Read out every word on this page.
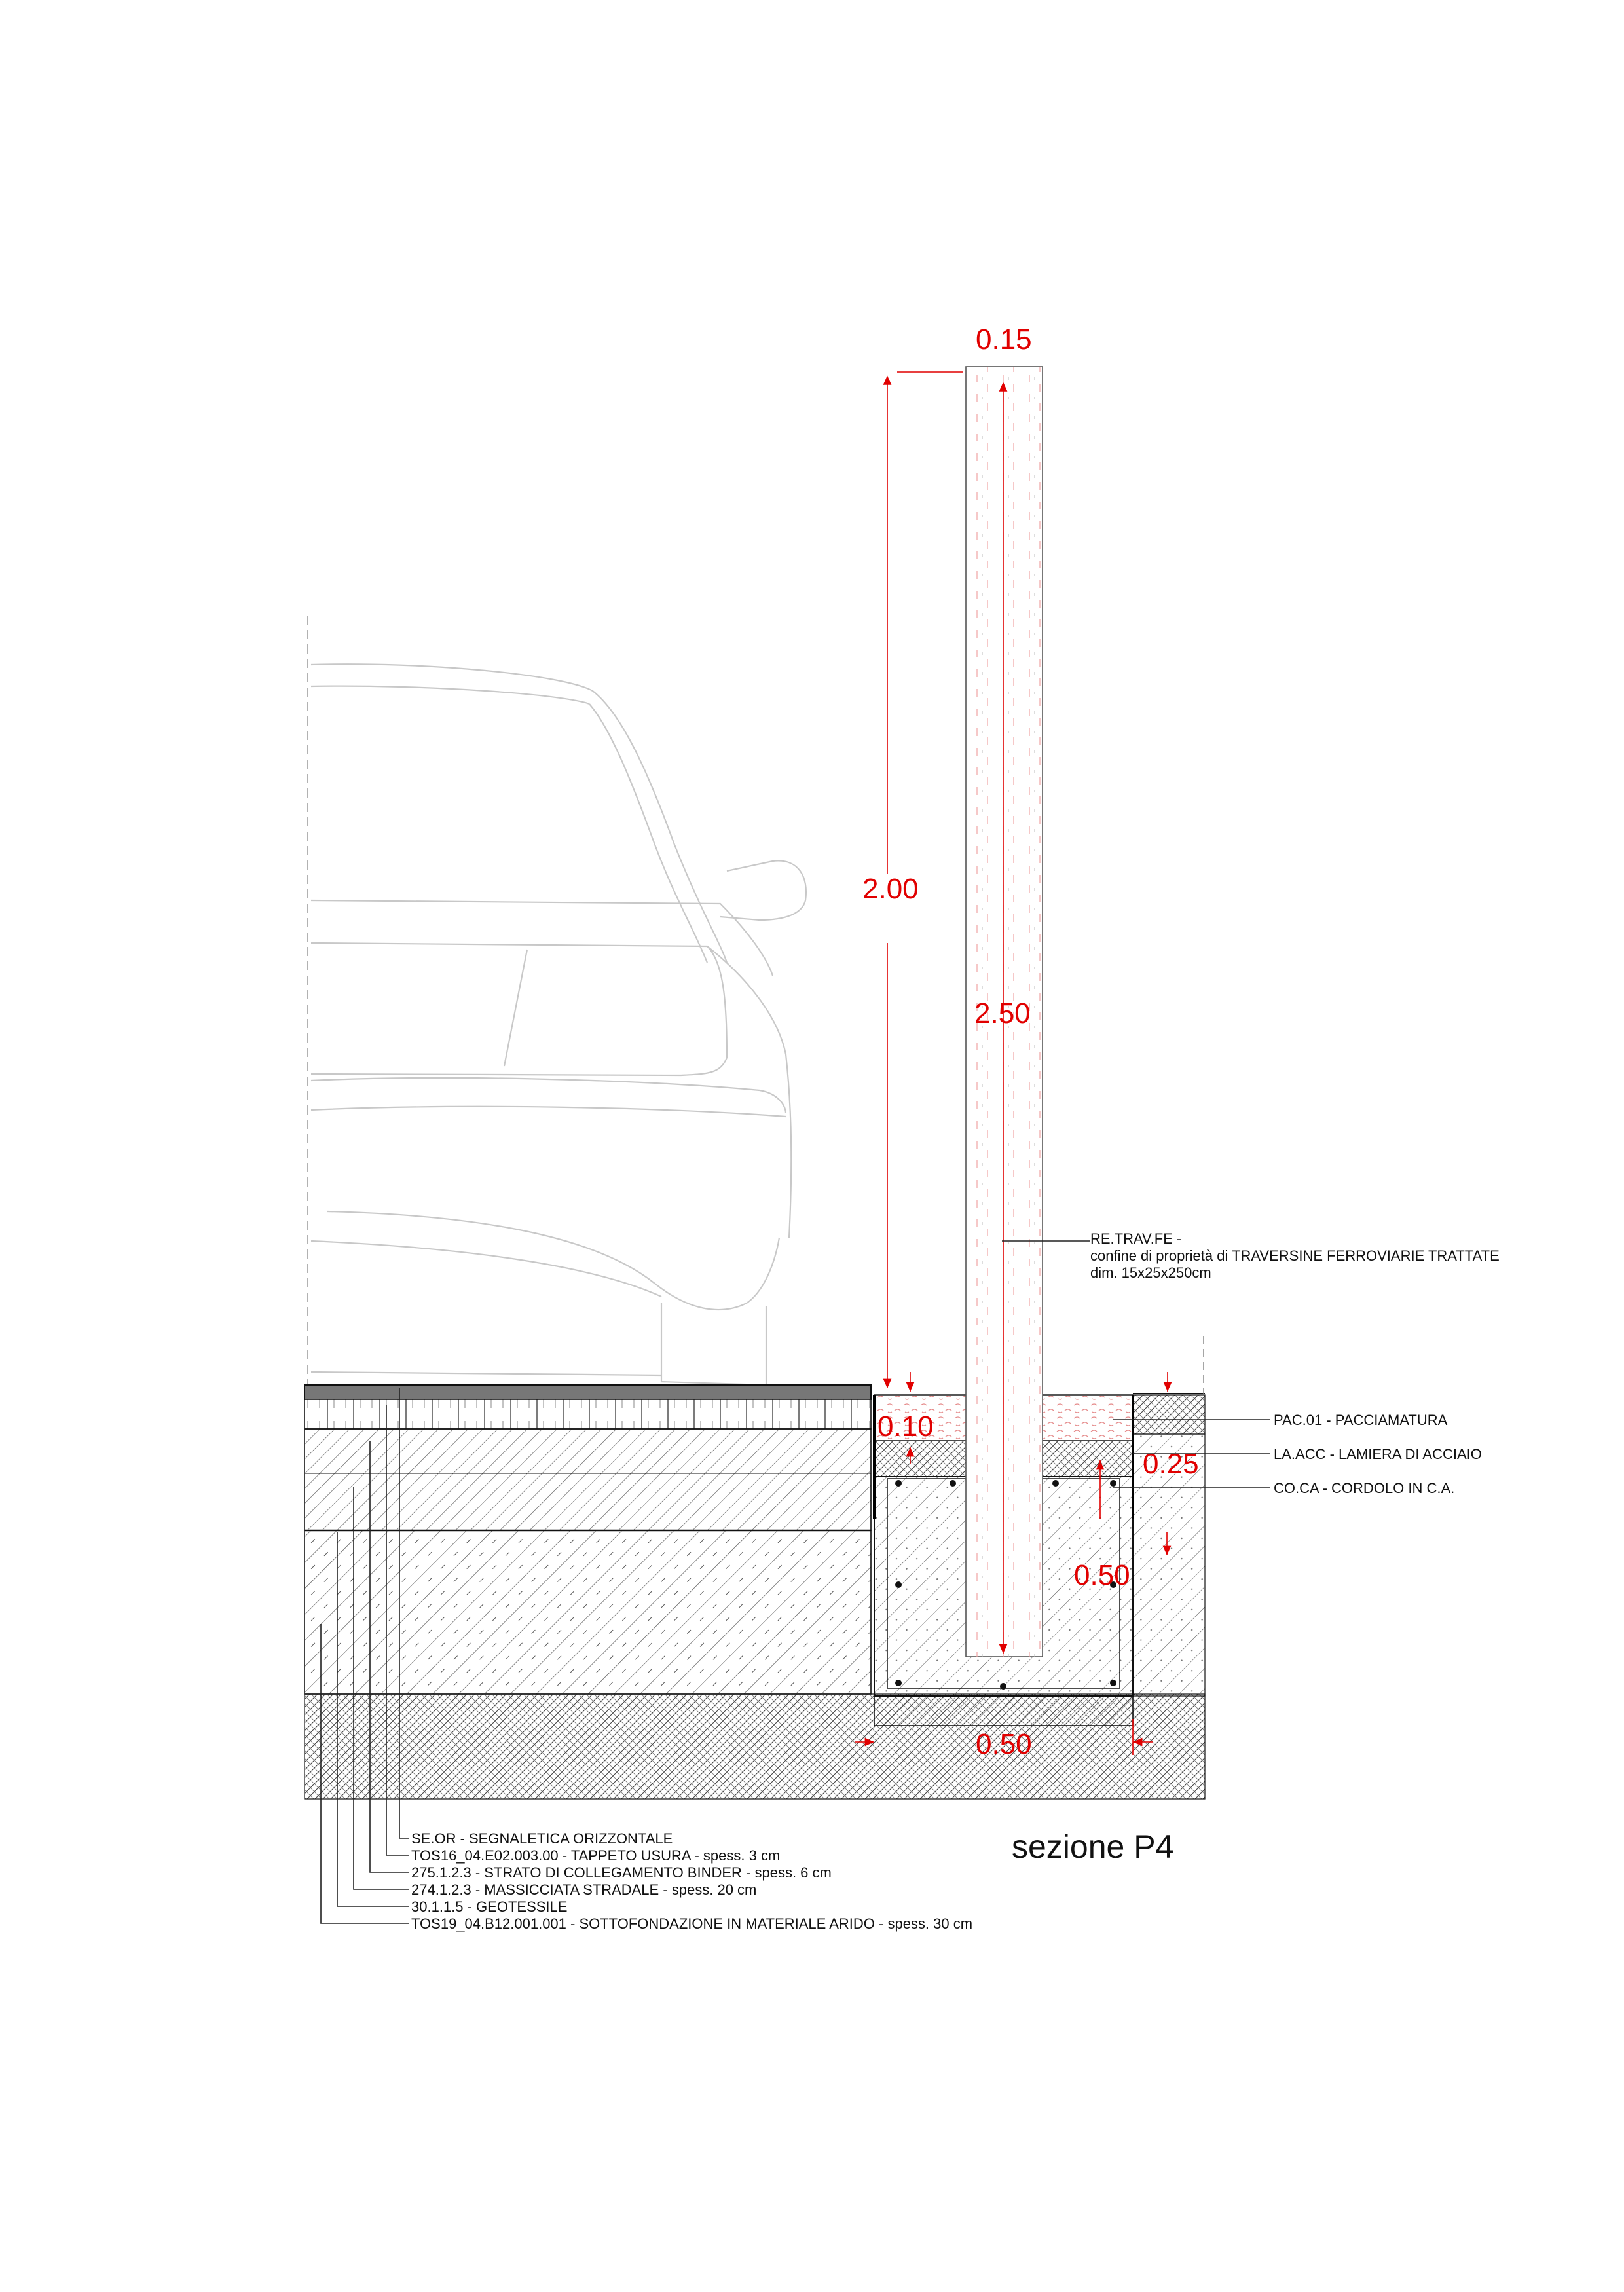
0.15
2.00
2.50
0.10
0.25
0.50
0.50
RE.TRAV.FE -
confine di proprietà di TRAVERSINE FERROVIARIE TRATTATE
dim. 15x25x250cm
PAC.01 - PACCIAMATURA
LA.ACC - LAMIERA DI ACCIAIO
CO.CA - CORDOLO IN C.A.
SE.OR - SEGNALETICA ORIZZONTALE
TOS16_04.E02.003.00 - TAPPETO USURA - spess. 3 cm
275.1.2.3 - STRATO DI COLLEGAMENTO BINDER - spess. 6 cm
274.1.2.3 - MASSICCIATA STRADALE - spess. 20 cm
30.1.1.5 - GEOTESSILE
TOS19_04.B12.001.001 - SOTTOFONDAZIONE IN MATERIALE ARIDO - spess. 30 cm
sezione P4
